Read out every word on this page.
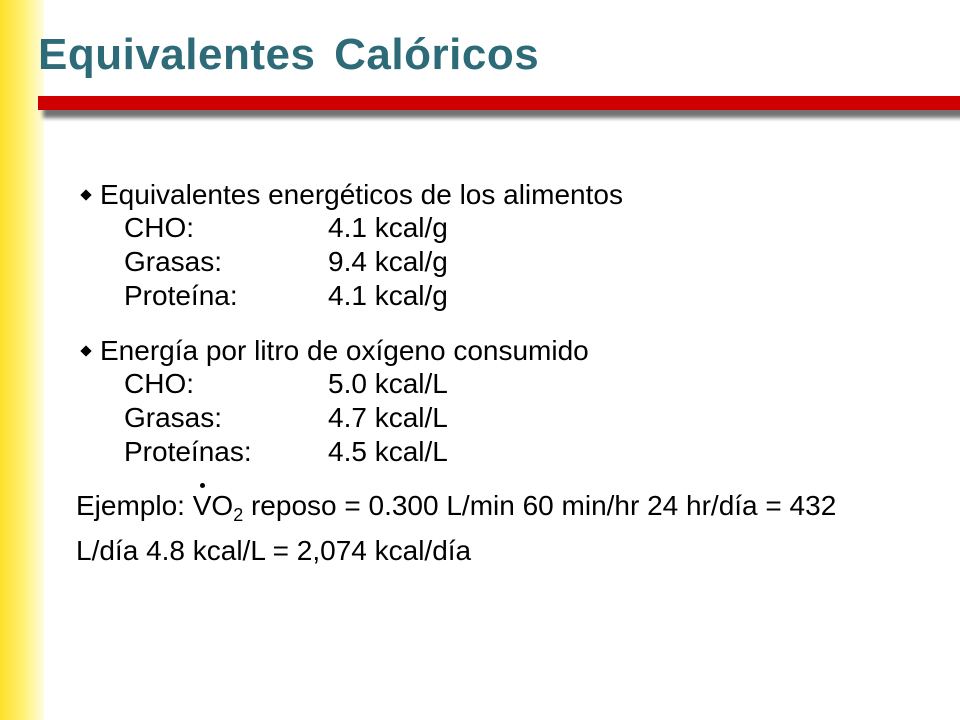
Equivalentes Calóricos
Equivalentes energéticos de los alimentos
CHO:	4.1 kcal/g
Grasas:	9.4 kcal/g
Proteína:	4.1 kcal/g
Energía por litro de oxígeno consumido
CHO:	5.0 kcal/L
Grasas:	4.7 kcal/L
Proteínas:	4.5 kcal/L
Ejemplo: $VO_2$ reposo = 0.300 L/min 60 min/hr 24 hr/día = 432 L/día 4.8 kcal/L = 2,074 kcal/día
